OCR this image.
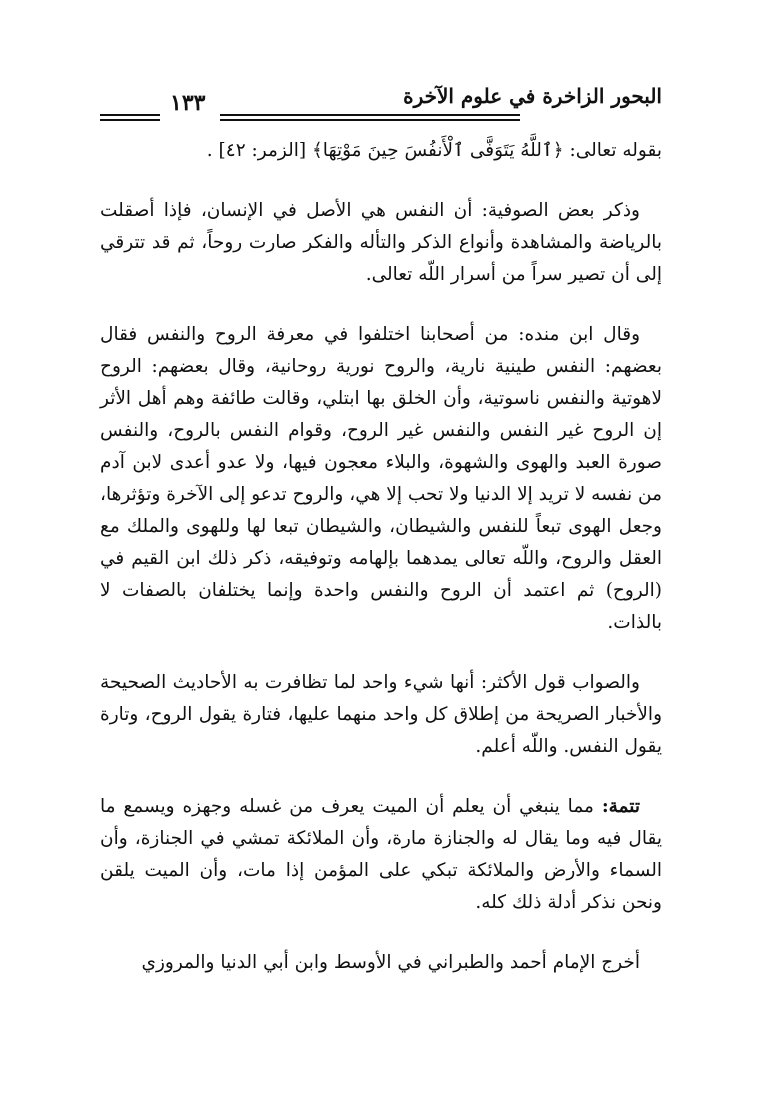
البحور الزاخرة في علوم الآخرة
١٣٣

بقوله تعالى: ﴿ٱللَّهُ يَتَوَفَّى ٱلْأَنفُسَ حِينَ مَوْتِهَا﴾ [الزمر: ٤٢] .

وذكر بعض الصوفية: أن النفس هي الأصل في الإنسان، فإذا أصقلت بالرياضة والمشاهدة وأنواع الذكر والتأله والفكر صارت روحاً، ثم قد تترقي إلى أن تصير سراً من أسرار اللّه تعالى.

وقال ابن منده: من أصحابنا اختلفوا في معرفة الروح والنفس فقال بعضهم: النفس طينية نارية، والروح نورية روحانية، وقال بعضهم: الروح لاهوتية والنفس ناسوتية، وأن الخلق بها ابتلي، وقالت طائفة وهم أهل الأثر إن الروح غير النفس والنفس غير الروح، وقوام النفس بالروح، والنفس صورة العبد والهوى والشهوة، والبلاء معجون فيها، ولا عدو أعدى لابن آدم من نفسه لا تريد إلا الدنيا ولا تحب إلا هي، والروح تدعو إلى الآخرة وتؤثرها، وجعل الهوى تبعاً للنفس والشيطان، والشيطان تبعا لها وللهوى والملك مع العقل والروح، واللّه تعالى يمدهما بإلهامه وتوفيقه، ذكر ذلك ابن القيم في (الروح) ثم اعتمد أن الروح والنفس واحدة وإنما يختلفان بالصفات لا بالذات.

والصواب قول الأكثر: أنها شيء واحد لما تظافرت به الأحاديث الصحيحة والأخبار الصريحة من إطلاق كل واحد منهما عليها، فتارة يقول الروح، وتارة يقول النفس. واللّه أعلم.

تتمة: مما ينبغي أن يعلم أن الميت يعرف من غسله وجهزه ويسمع ما يقال فيه وما يقال له والجنازة مارة، وأن الملائكة تمشي في الجنازة، وأن السماء والأرض والملائكة تبكي على المؤمن إذا مات، وأن الميت يلقن ونحن نذكر أدلة ذلك كله.

أخرج الإمام أحمد والطبراني في الأوسط وابن أبي الدنيا والمروزي
